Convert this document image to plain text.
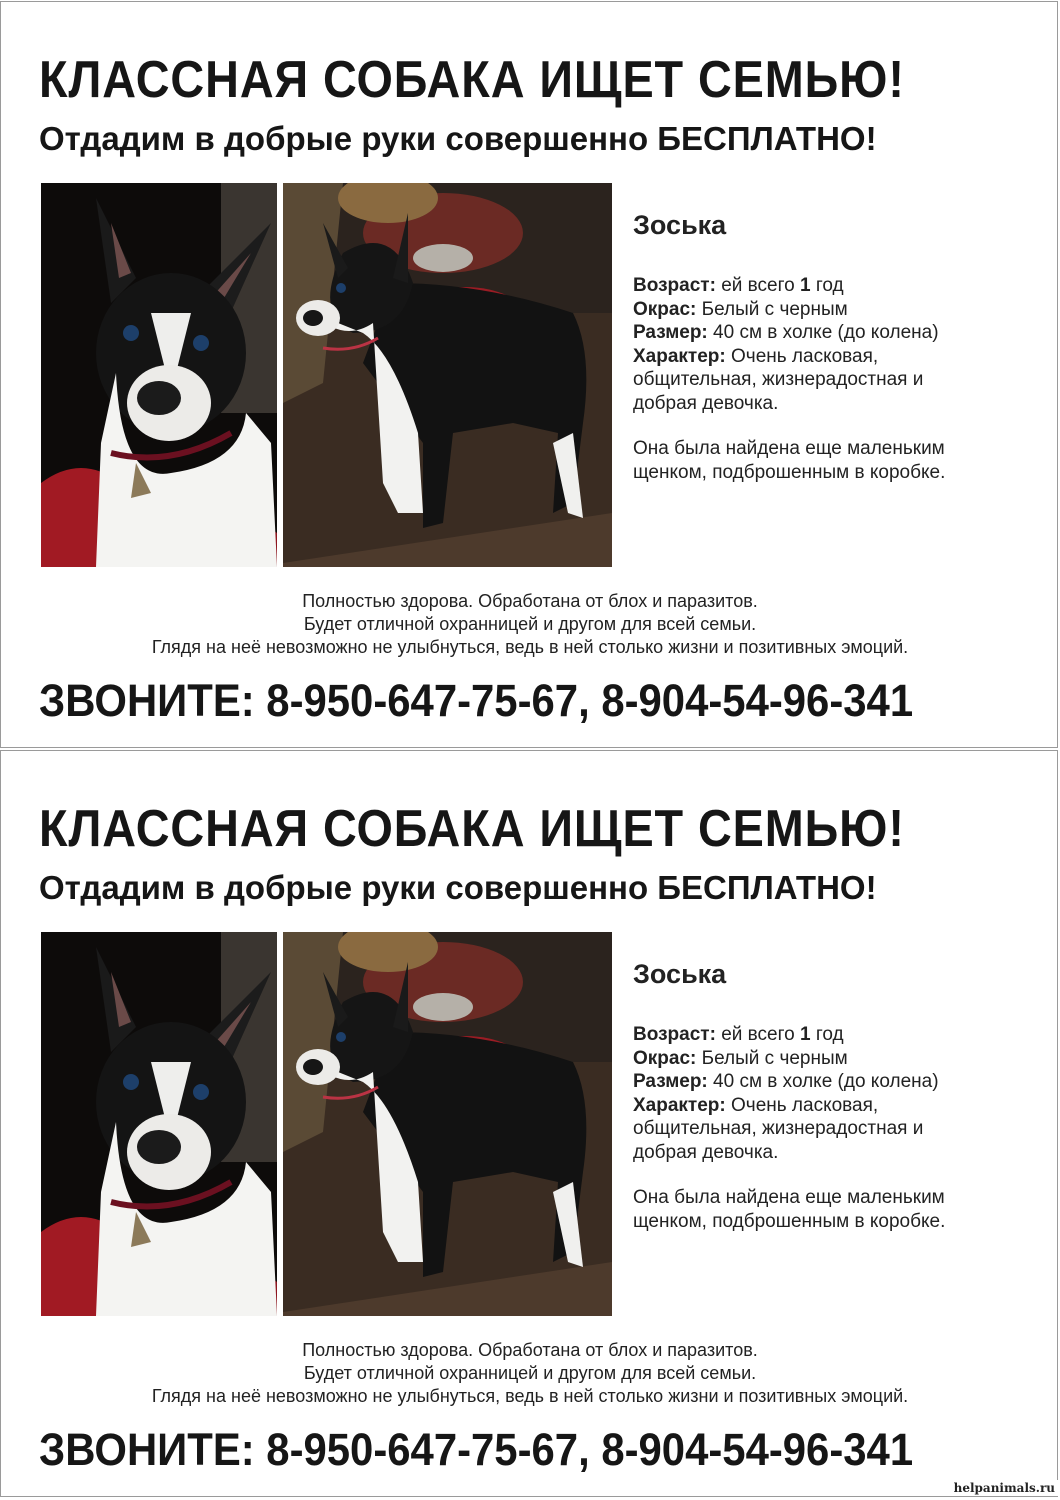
КЛАССНАЯ СОБАКА ИЩЕТ СЕМЬЮ!
Отдадим в добрые руки совершенно БЕСПЛАТНО!
Зоська
Возраст: ей всего 1 год
Окрас: Белый с черным
Размер: 40 см в холке (до колена)
Характер: Очень ласковая,
общительная, жизнерадостная и
добрая девочка.
Она была найдена еще маленьким
щенком, подброшенным в коробке.
Полностью здорова. Обработана от блох и паразитов.
Будет отличной охранницей и другом для всей семьи.
Глядя на неё невозможно не улыбнуться, ведь в ней столько жизни и позитивных эмоций.
ЗВОНИТЕ: 8-950-647-75-67, 8-904-54-96-341
КЛАССНАЯ СОБАКА ИЩЕТ СЕМЬЮ!
Отдадим в добрые руки совершенно БЕСПЛАТНО!
Зоська
Возраст: ей всего 1 год
Окрас: Белый с черным
Размер: 40 см в холке (до колена)
Характер: Очень ласковая,
общительная, жизнерадостная и
добрая девочка.
Она была найдена еще маленьким
щенком, подброшенным в коробке.
Полностью здорова. Обработана от блох и паразитов.
Будет отличной охранницей и другом для всей семьи.
Глядя на неё невозможно не улыбнуться, ведь в ней столько жизни и позитивных эмоций.
ЗВОНИТЕ: 8-950-647-75-67, 8-904-54-96-341
helpanimals.ru
